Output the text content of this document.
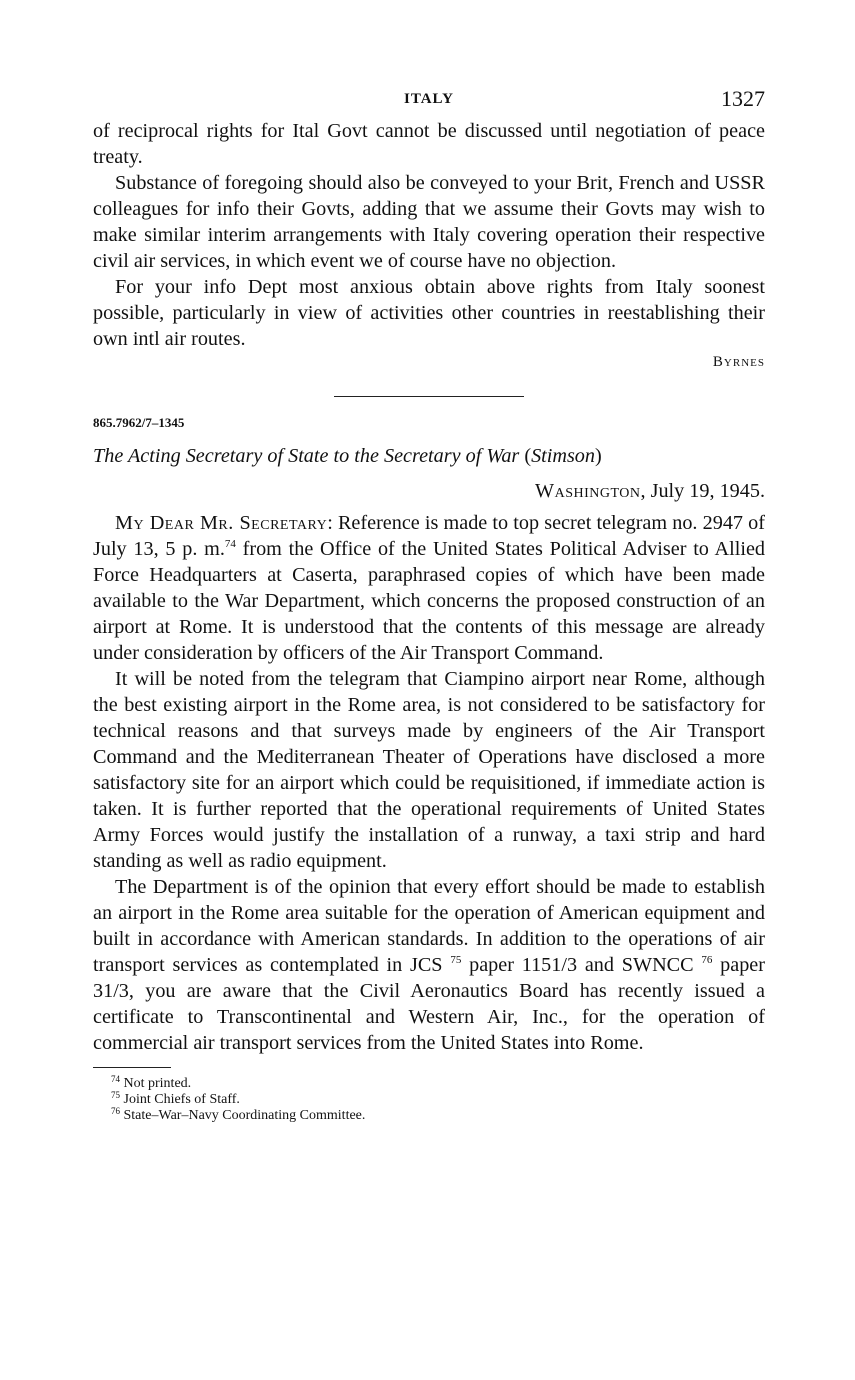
ITALY	1327

of reciprocal rights for Ital Govt cannot be discussed until negotiation of peace treaty.

Substance of foregoing should also be conveyed to your Brit, French and USSR colleagues for info their Govts, adding that we assume their Govts may wish to make similar interim arrangements with Italy covering operation their respective civil air services, in which event we of course have no objection.

For your info Dept most anxious obtain above rights from Italy soonest possible, particularly in view of activities other countries in reestablishing their own intl air routes.

Byrnes
865.7962/7–1345
The Acting Secretary of State to the Secretary of War (Stimson)
Washington, July 19, 1945.

My Dear Mr. Secretary: Reference is made to top secret telegram no. 2947 of July 13, 5 p. m.$^{74}$ from the Office of the United States Political Adviser to Allied Force Headquarters at Caserta, paraphrased copies of which have been made available to the War Department, which concerns the proposed construction of an airport at Rome. It is understood that the contents of this message are already under consideration by officers of the Air Transport Command.

It will be noted from the telegram that Ciampino airport near Rome, although the best existing airport in the Rome area, is not considered to be satisfactory for technical reasons and that surveys made by engineers of the Air Transport Command and the Mediterranean Theater of Operations have disclosed a more satisfactory site for an airport which could be requisitioned, if immediate action is taken. It is further reported that the operational requirements of United States Army Forces would justify the installation of a runway, a taxi strip and hard standing as well as radio equipment.

The Department is of the opinion that every effort should be made to establish an airport in the Rome area suitable for the operation of American equipment and built in accordance with American standards. In addition to the operations of air transport services as contemplated in JCS $^{75}$ paper 1151/3 and SWNCC $^{76}$ paper 31/3, you are aware that the Civil Aeronautics Board has recently issued a certificate to Transcontinental and Western Air, Inc., for the operation of commercial air transport services from the United States into Rome.

$^{74}$ Not printed.
$^{75}$ Joint Chiefs of Staff.
$^{76}$ State–War–Navy Coordinating Committee.
